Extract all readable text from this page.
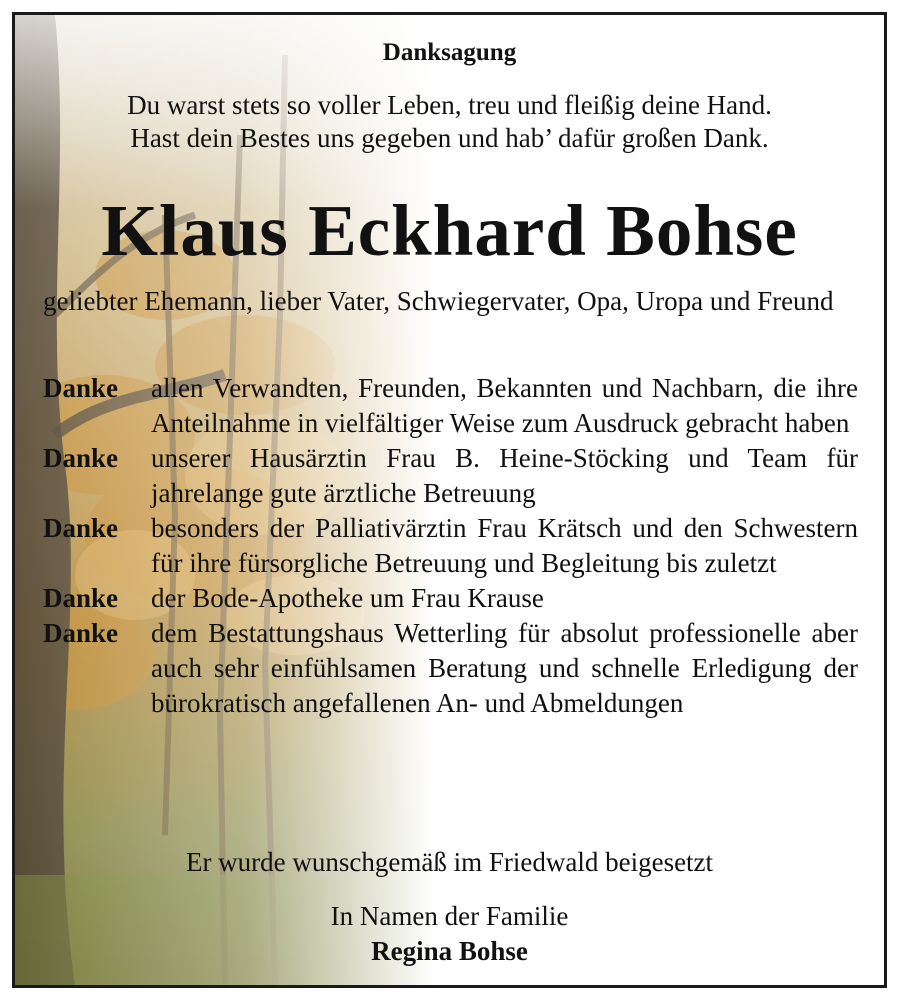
Danksagung
Du warst stets so voller Leben, treu und fleißig deine Hand.
Hast dein Bestes uns gegeben und hab’ dafür großen Dank.
Klaus Eckhard Bohse
geliebter Ehemann, lieber Vater, Schwiegervater, Opa, Uropa und Freund
Danke	allen Verwandten, Freunden, Bekannten und Nachbarn, die ihre Anteilnahme in vielfältiger Weise zum Ausdruck gebracht haben
Danke	unserer Hausärztin Frau B. Heine-Stöcking und Team für jahrelange gute ärztliche Betreuung
Danke	besonders der Palliativärztin Frau Krätsch und den Schwestern für ihre fürsorgliche Betreuung und Begleitung bis zuletzt
Danke	der Bode-Apotheke um Frau Krause
Danke	dem Bestattungshaus Wetterling für absolut professionelle aber auch sehr einfühlsamen Beratung und schnelle Erledigung der bürokratisch angefallenen An- und Abmeldungen
Er wurde wunschgemäß im Friedwald beigesetzt
In Namen der Familie
Regina Bohse
